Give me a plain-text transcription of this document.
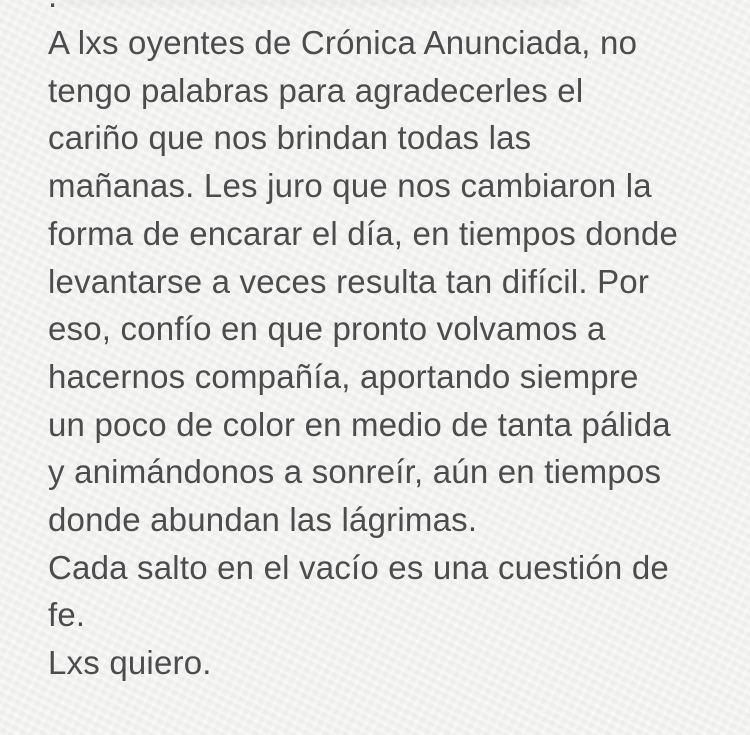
A lxs oyentes de Crónica Anunciada, no
tengo palabras para agradecerles el
cariño que nos brindan todas las
mañanas. Les juro que nos cambiaron la
forma de encarar el día, en tiempos donde
levantarse a veces resulta tan difícil. Por
eso, confío en que pronto volvamos a
hacernos compañía, aportando siempre
un poco de color en medio de tanta pálida
y animándonos a sonreír, aún en tiempos
donde abundan las lágrimas.
Cada salto en el vacío es una cuestión de
fe.
Lxs quiero.
